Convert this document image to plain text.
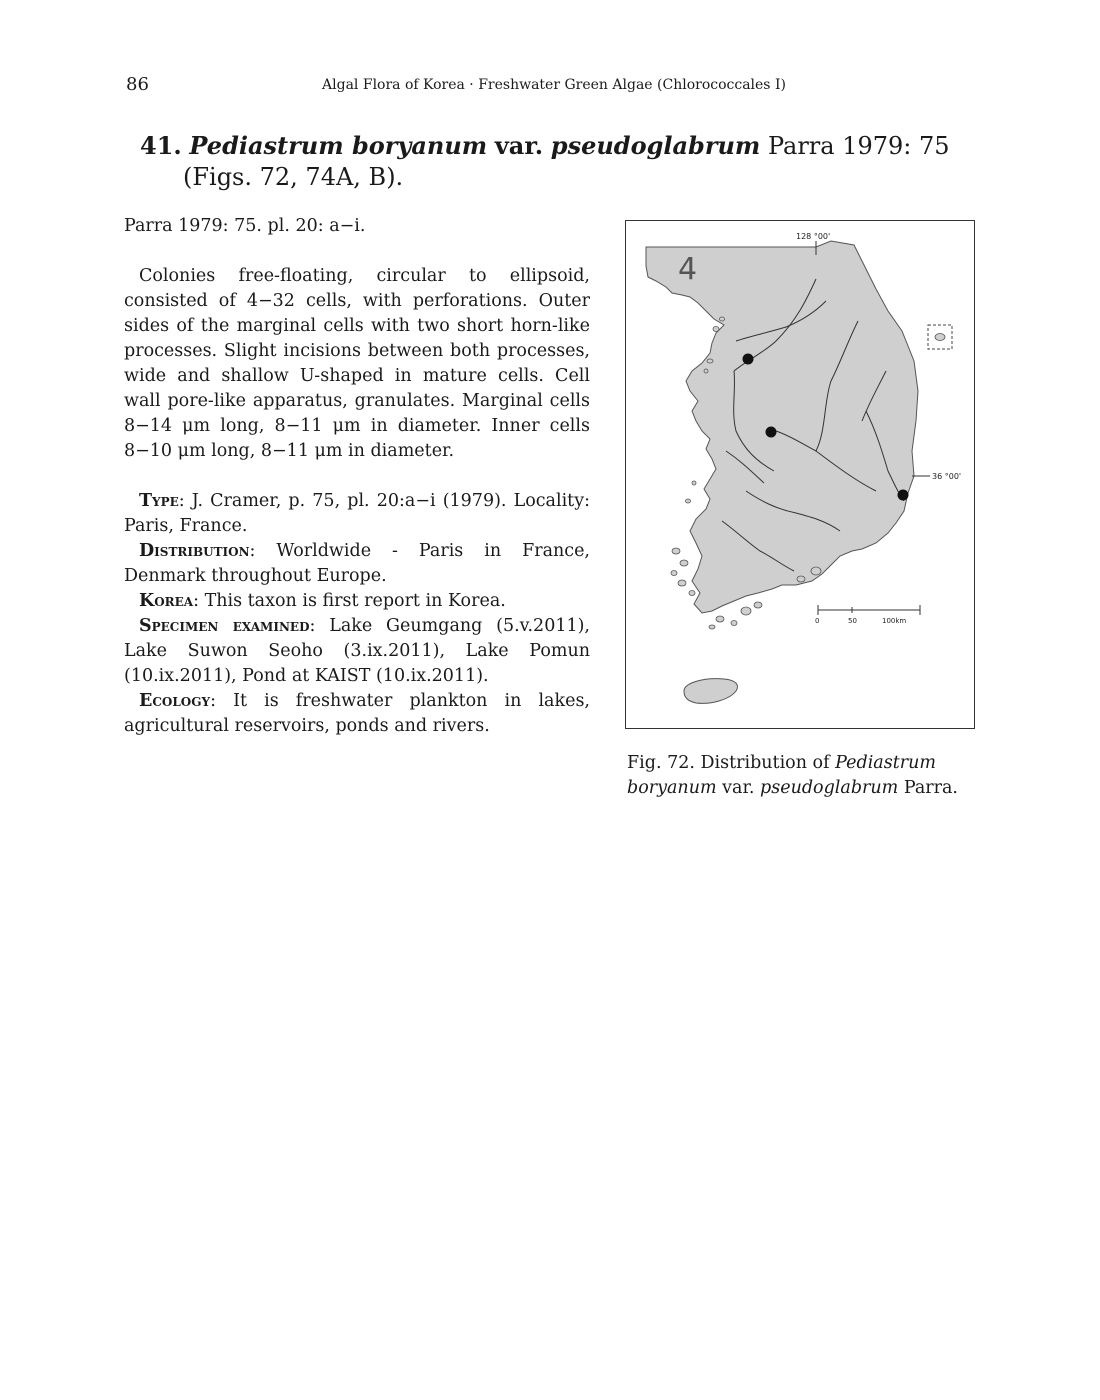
86	Algal Flora of Korea · Freshwater Green Algae (Chlorococcales I)
41. Pediastrum boryanum var. pseudoglabrum Parra 1979: 75
(Figs. 72, 74A, B).
Parra 1979: 75. pl. 20: a−i.
Colonies free-floating, circular to ellipsoid, consisted of 4−32 cells, with perforations. Outer sides of the marginal cells with two short horn-like processes. Slight incisions between both processes, wide and shallow U-shaped in mature cells. Cell wall pore-like apparatus, granulates. Marginal cells 8−14 μm long, 8−11 μm in diameter. Inner cells 8−10 μm long, 8−11 μm in diameter.

Type: J. Cramer, p. 75, pl. 20:a−i (1979). Locality: Paris, France.

Distribution: Worldwide - Paris in France, Denmark throughout Europe.

Korea: This taxon is first report in Korea.

Specimen examined: Lake Geumgang (5.v.2011), Lake Suwon Seoho (3.ix.2011), Lake Pomun (10.ix.2011), Pond at KAIST (10.ix.2011).

Ecology: It is freshwater plankton in lakes, agricultural reservoirs, ponds and rivers.

128 °00'
36 °00'
4
0	50	100km
Fig. 72. Distribution of Pediastrum boryanum var. pseudoglabrum Parra.
